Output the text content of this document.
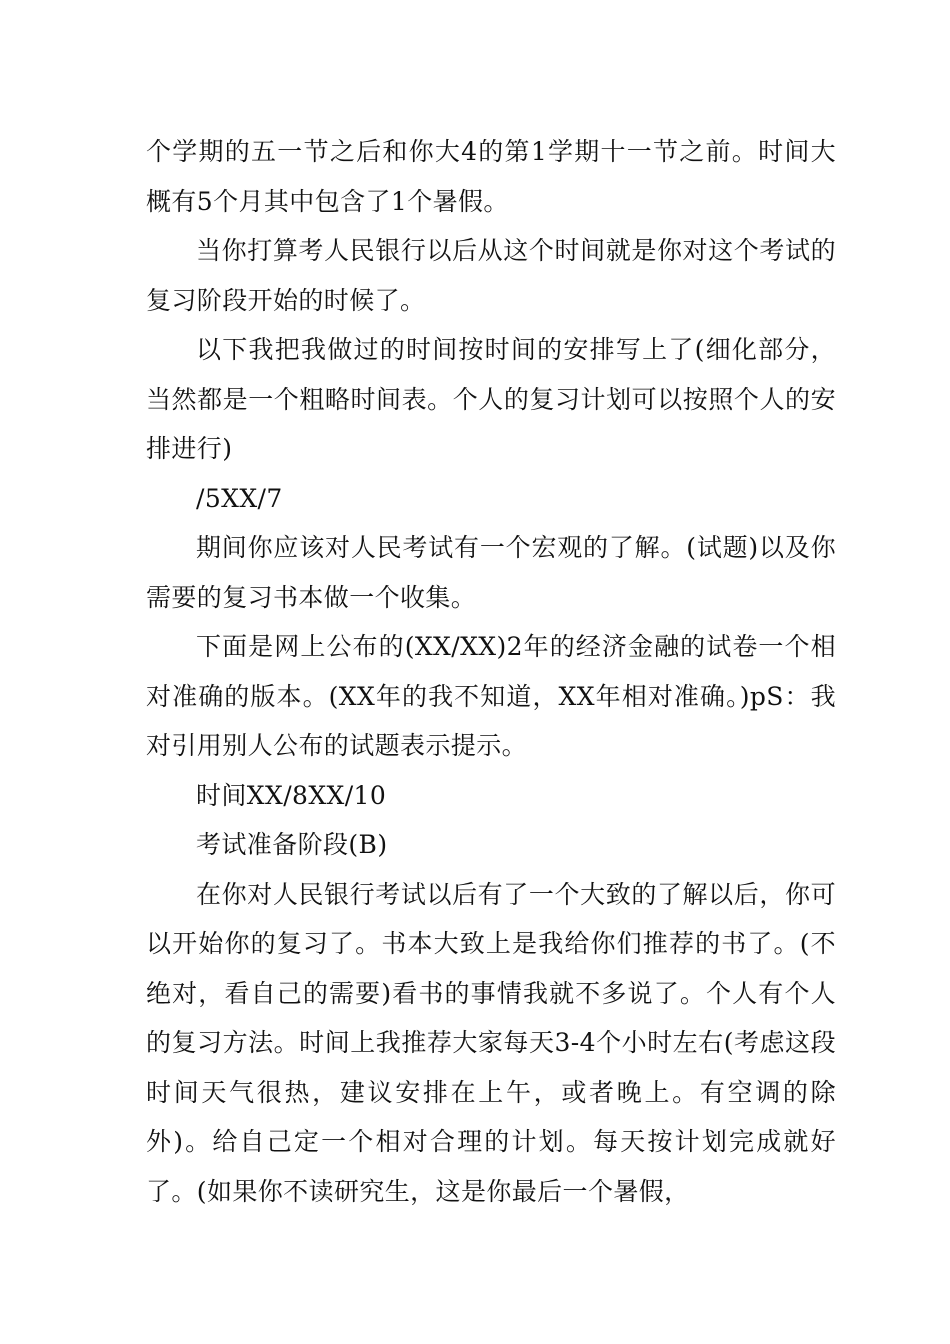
个学期的五一节之后和你大4的第1学期十一节之前。时间大概有5个月其中包含了1个暑假。

当你打算考人民银行以后从这个时间就是你对这个考试的复习阶段开始的时候了。

以下我把我做过的时间按时间的安排写上了(细化部分，当然都是一个粗略时间表。个人的复习计划可以按照个人的安排进行)

/5XX/7

期间你应该对人民考试有一个宏观的了解。(试题)以及你需要的复习书本做一个收集。

下面是网上公布的(XX/XX)2年的经济金融的试卷一个相对准确的版本。(XX年的我不知道，XX年相对准确。)pS：我对引用别人公布的试题表示提示。

时间XX/8XX/10

考试准备阶段(B)

在你对人民银行考试以后有了一个大致的了解以后，你可以开始你的复习了。书本大致上是我给你们推荐的书了。(不绝对，看自己的需要)看书的事情我就不多说了。个人有个人的复习方法。时间上我推荐大家每天3-4个小时左右(考虑这段时间天气很热，建议安排在上午，或者晚上。有空调的除外)。给自己定一个相对合理的计划。每天按计划完成就好了。(如果你不读研究生，这是你最后一个暑假，
